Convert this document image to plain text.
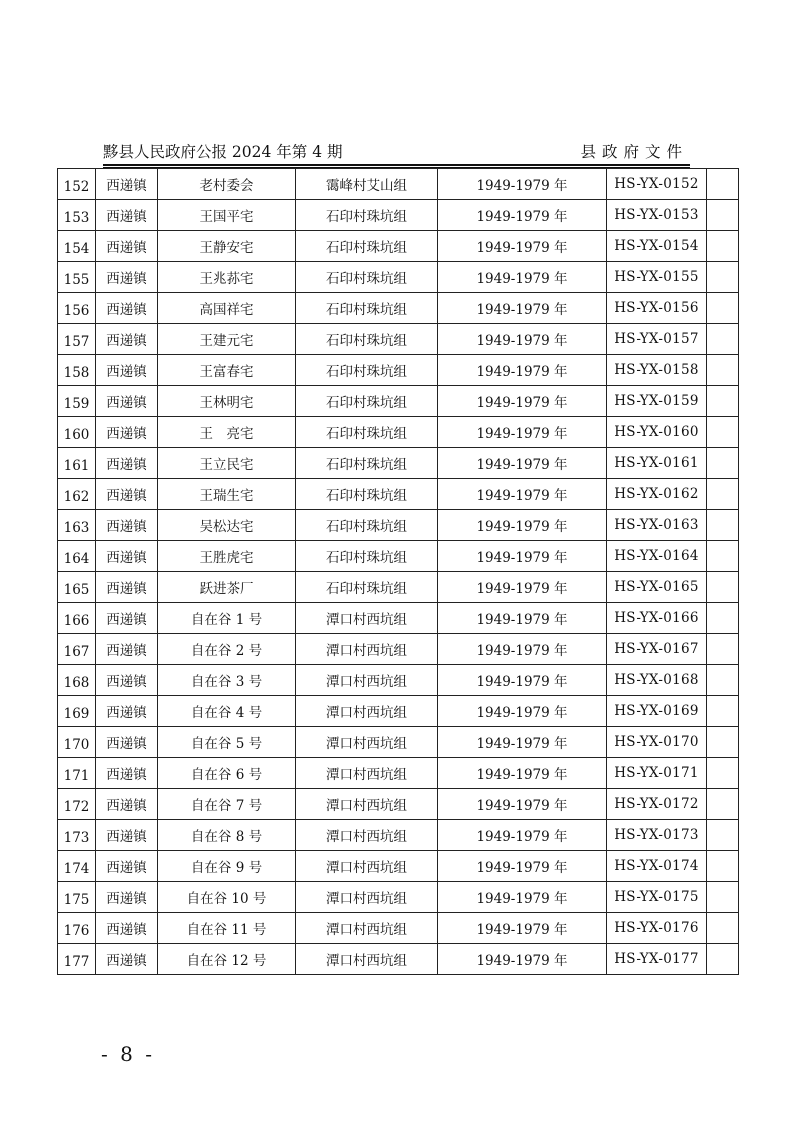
黟县人民政府公报 2024 年第 4 期	县政府文件
152	西递镇	老村委会	霭峰村艾山组	1949-1979 年	HS-YX-0152	
153	西递镇	王国平宅	石印村珠坑组	1949-1979 年	HS-YX-0153	
154	西递镇	王静安宅	石印村珠坑组	1949-1979 年	HS-YX-0154	
155	西递镇	王兆荪宅	石印村珠坑组	1949-1979 年	HS-YX-0155	
156	西递镇	高国祥宅	石印村珠坑组	1949-1979 年	HS-YX-0156	
157	西递镇	王建元宅	石印村珠坑组	1949-1979 年	HS-YX-0157	
158	西递镇	王富春宅	石印村珠坑组	1949-1979 年	HS-YX-0158	
159	西递镇	王林明宅	石印村珠坑组	1949-1979 年	HS-YX-0159	
160	西递镇	王　亮宅	石印村珠坑组	1949-1979 年	HS-YX-0160	
161	西递镇	王立民宅	石印村珠坑组	1949-1979 年	HS-YX-0161	
162	西递镇	王瑞生宅	石印村珠坑组	1949-1979 年	HS-YX-0162	
163	西递镇	吴松达宅	石印村珠坑组	1949-1979 年	HS-YX-0163	
164	西递镇	王胜虎宅	石印村珠坑组	1949-1979 年	HS-YX-0164	
165	西递镇	跃进茶厂	石印村珠坑组	1949-1979 年	HS-YX-0165	
166	西递镇	自在谷 1 号	潭口村西坑组	1949-1979 年	HS-YX-0166	
167	西递镇	自在谷 2 号	潭口村西坑组	1949-1979 年	HS-YX-0167	
168	西递镇	自在谷 3 号	潭口村西坑组	1949-1979 年	HS-YX-0168	
169	西递镇	自在谷 4 号	潭口村西坑组	1949-1979 年	HS-YX-0169	
170	西递镇	自在谷 5 号	潭口村西坑组	1949-1979 年	HS-YX-0170	
171	西递镇	自在谷 6 号	潭口村西坑组	1949-1979 年	HS-YX-0171	
172	西递镇	自在谷 7 号	潭口村西坑组	1949-1979 年	HS-YX-0172	
173	西递镇	自在谷 8 号	潭口村西坑组	1949-1979 年	HS-YX-0173	
174	西递镇	自在谷 9 号	潭口村西坑组	1949-1979 年	HS-YX-0174	
175	西递镇	自在谷 10 号	潭口村西坑组	1949-1979 年	HS-YX-0175	
176	西递镇	自在谷 11 号	潭口村西坑组	1949-1979 年	HS-YX-0176	
177	西递镇	自在谷 12 号	潭口村西坑组	1949-1979 年	HS-YX-0177	
- 8 -
